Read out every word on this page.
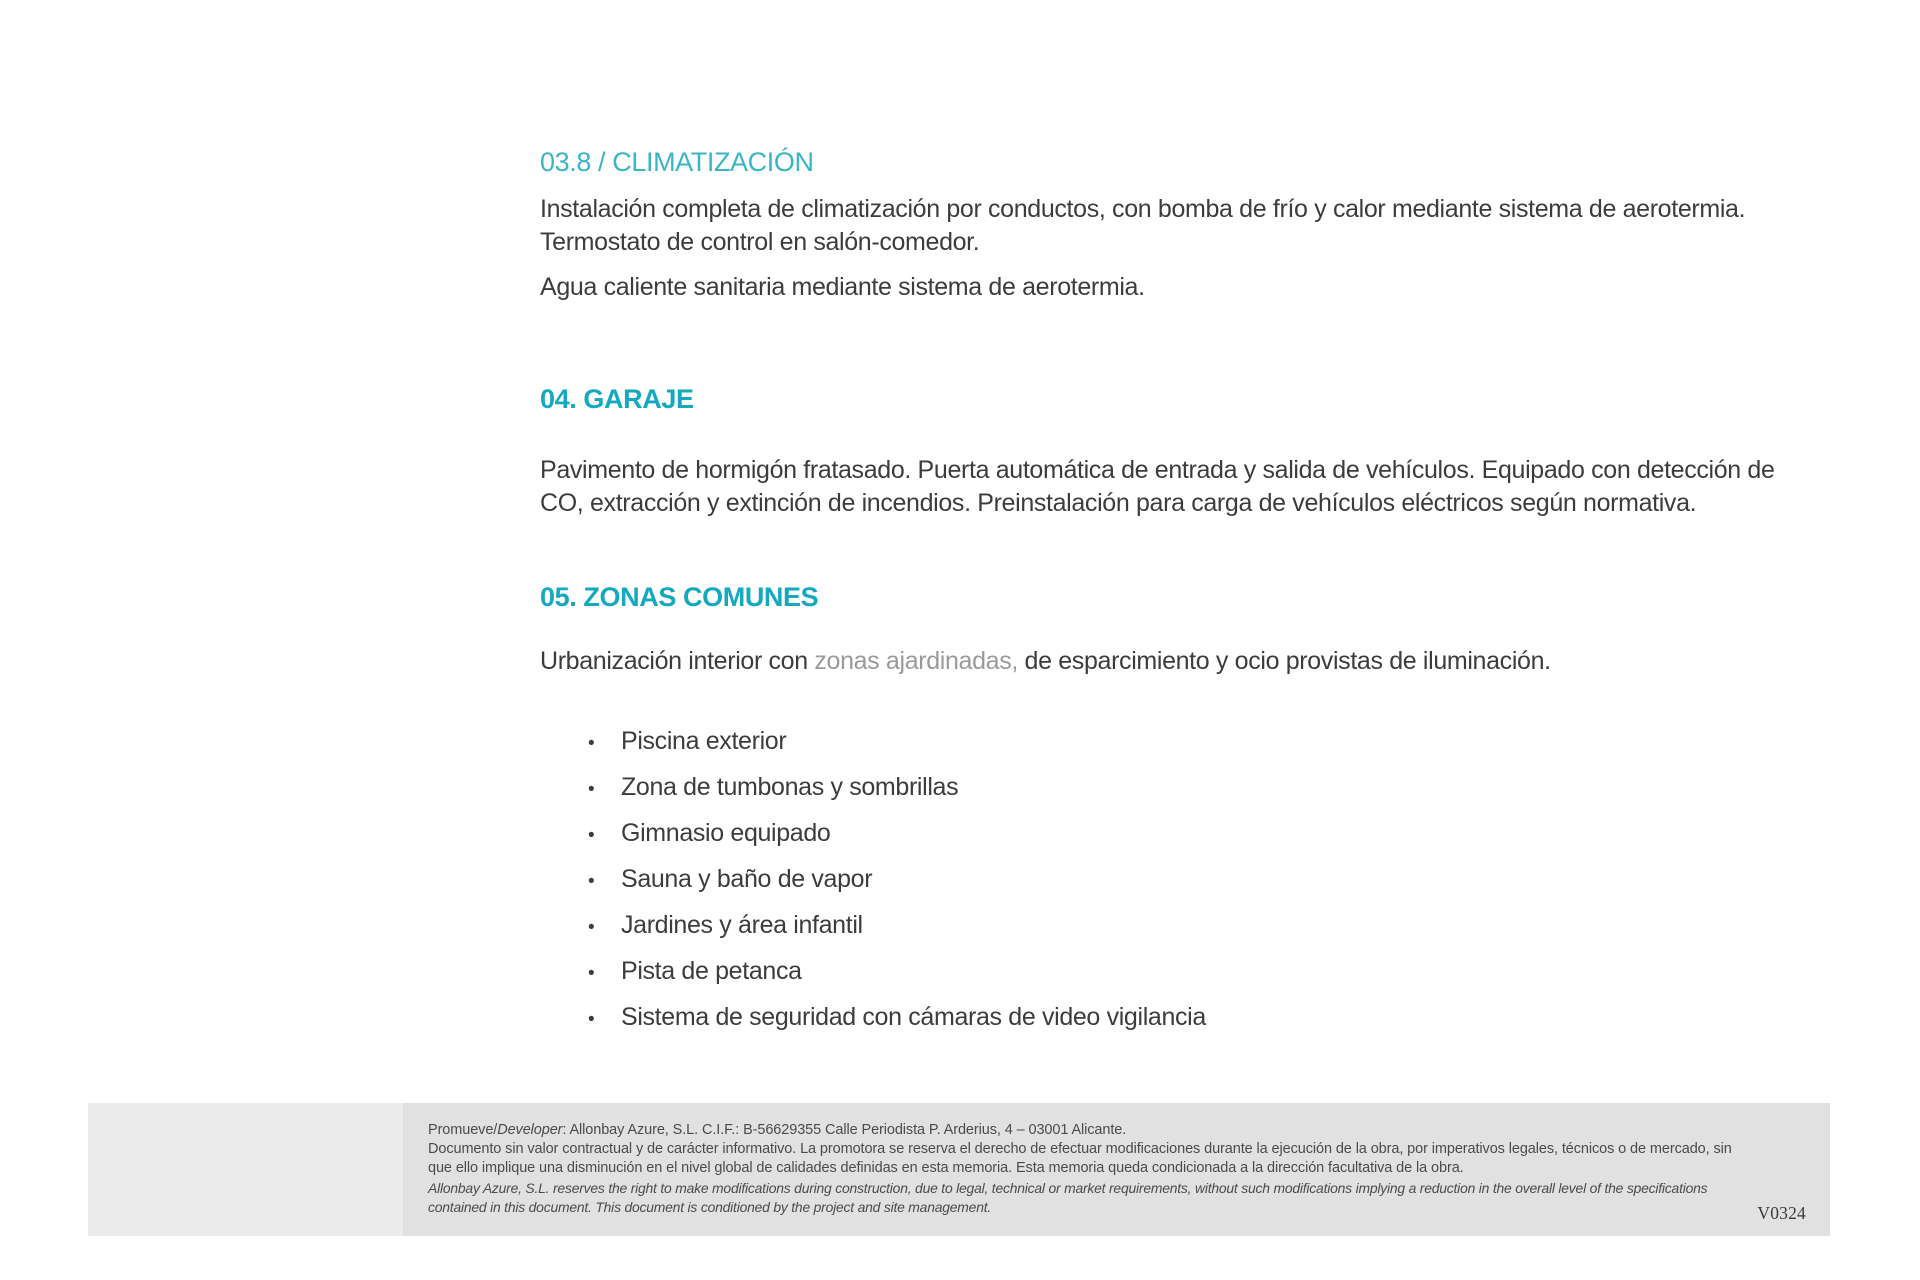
03.8 / CLIMATIZACIÓN
Instalación completa de climatización por conductos, con bomba de frío y calor mediante sistema de aerotermia.
Termostato de control en salón-comedor.
Agua caliente sanitaria mediante sistema de aerotermia.
04. GARAJE
Pavimento de hormigón fratasado. Puerta automática de entrada y salida de vehículos. Equipado con detección de
CO, extracción y extinción de incendios. Preinstalación para carga de vehículos eléctricos según normativa.
05. ZONAS COMUNES
Urbanización interior con zonas ajardinadas, de esparcimiento y ocio provistas de iluminación.
•	Piscina exterior
•	Zona de tumbonas y sombrillas
•	Gimnasio equipado
•	Sauna y baño de vapor
•	Jardines y área infantil
•	Pista de petanca
•	Sistema de seguridad con cámaras de video vigilancia
Promueve/Developer: Allonbay Azure, S.L. C.I.F.: B-56629355 Calle Periodista P. Arderius, 4 – 03001 Alicante.
Documento sin valor contractual y de carácter informativo. La promotora se reserva el derecho de efectuar modificaciones durante la ejecución de la obra, por imperativos legales, técnicos o de mercado, sin
que ello implique una disminución en el nivel global de calidades definidas en esta memoria. Esta memoria queda condicionada a la dirección facultativa de la obra.
Allonbay Azure, S.L. reserves the right to make modifications during construction, due to legal, technical or market requirements, without such modifications implying a reduction in the overall level of the specifications
contained in this document. This document is conditioned by the project and site management.	V0324
